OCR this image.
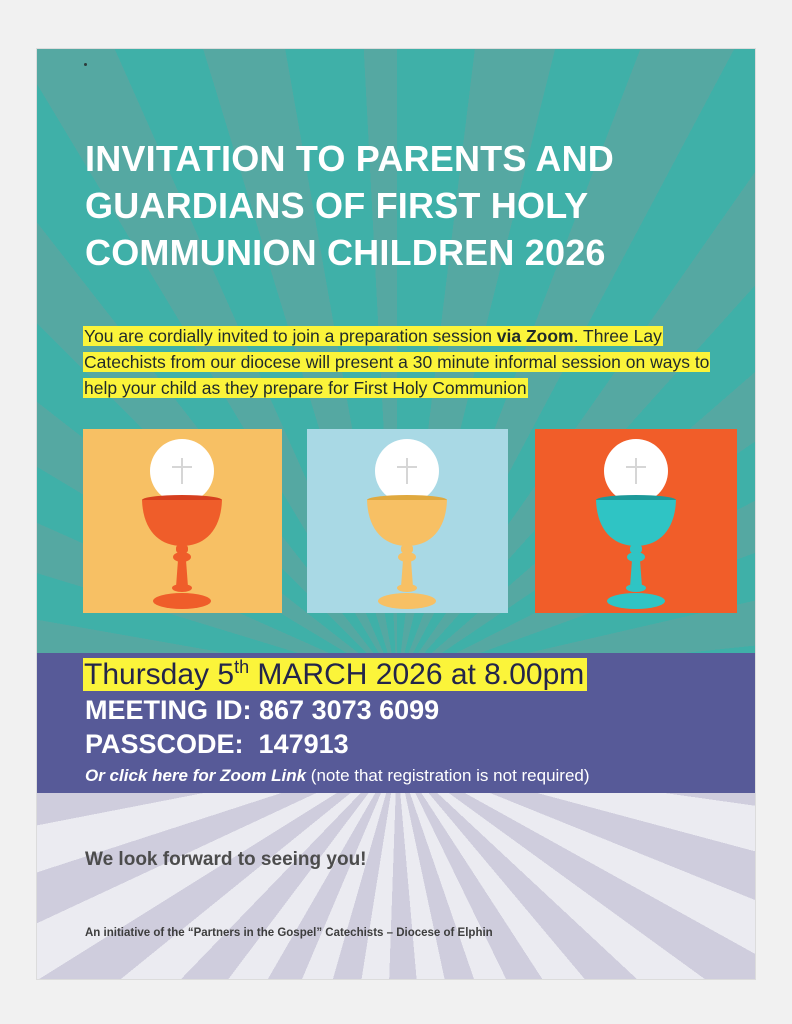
INVITATION TO PARENTS AND
GUARDIANS OF FIRST HOLY
COMMUNION CHILDREN 2026

You are cordially invited to join a preparation session via Zoom. Three Lay Catechists from our diocese will present a 30 minute informal session on ways to help your child as they prepare for First Holy Communion

Thursday 5th MARCH 2026 at 8.00pm

MEETING ID: 867 3073 6099

PASSCODE: 147913

Or click here for Zoom Link (note that registration is not required)

We look forward to seeing you!

An initiative of the “Partners in the Gospel” Catechists – Diocese of Elphin
